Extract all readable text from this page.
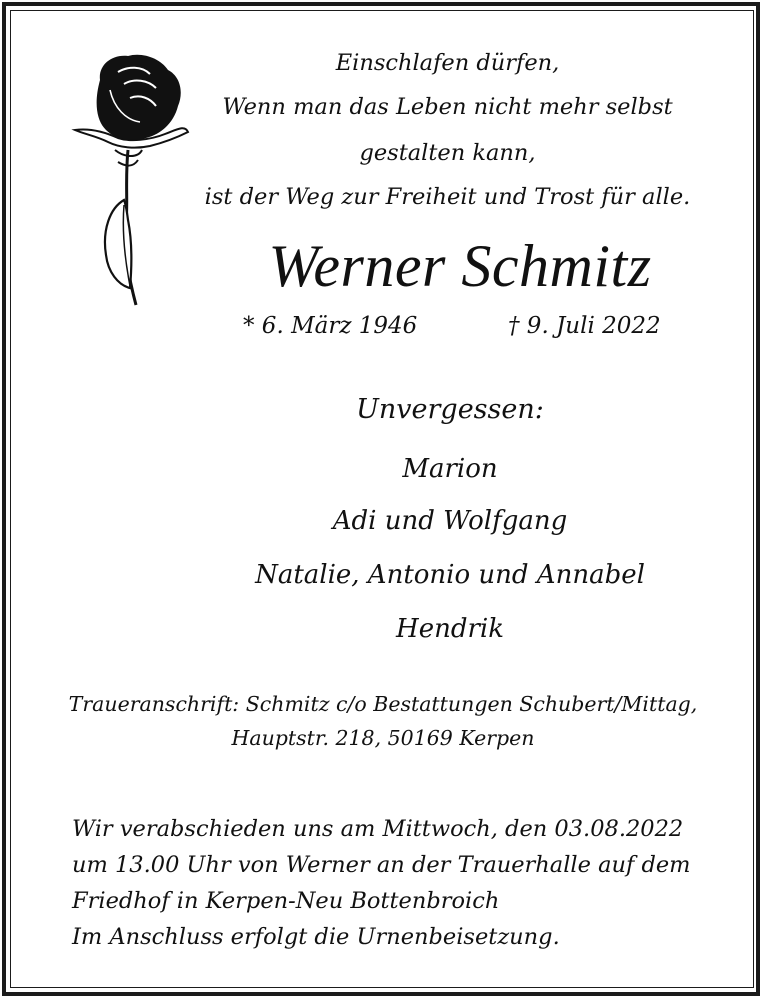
Einschlafen dürfen,
Wenn man das Leben nicht mehr selbst
gestalten kann,
ist der Weg zur Freiheit und Trost für alle.
Werner Schmitz
* 6. März 1946	† 9. Juli 2022
Unvergessen:
Marion
Adi und Wolfgang
Natalie, Antonio und Annabel
Hendrik
Traueranschrift: Schmitz c/o Bestattungen Schubert/Mittag,
Hauptstr. 218, 50169 Kerpen
Wir verabschieden uns am Mittwoch, den 03.08.2022
um 13.00 Uhr von Werner an der Trauerhalle auf dem
Friedhof in Kerpen-Neu Bottenbroich
Im Anschluss erfolgt die Urnenbeisetzung.
